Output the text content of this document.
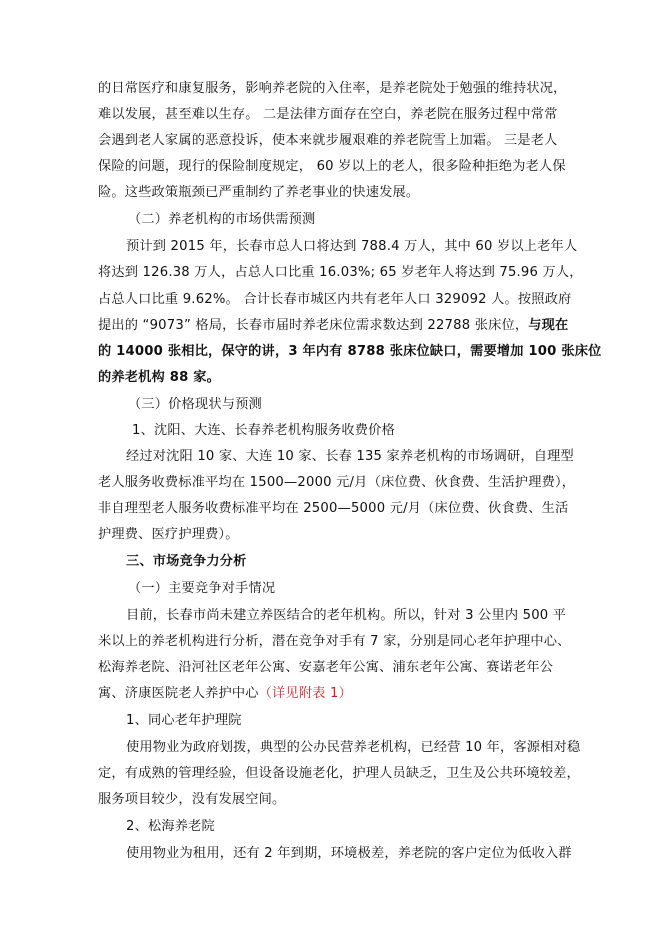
的日常医疗和康复服务，影响养老院的入住率，是养老院处于勉强的维持状况，
难以发展，甚至难以生存。 二是法律方面存在空白，养老院在服务过程中常常
会遇到老人家属的恶意投诉，使本来就步履艰难的养老院雪上加霜。 三是老人
保险的问题，现行的保险制度规定， 60 岁以上的老人，很多险种拒绝为老人保
险。这些政策瓶颈已严重制约了养老事业的快速发展。
（二）养老机构的市场供需预测
预计到 2015 年，长春市总人口将达到 788.4 万人，其中 60 岁以上老年人
将达到 126.38 万人，占总人口比重 16.03%; 65 岁老年人将达到 75.96 万人，
占总人口比重 9.62%。 合计长春市城区内共有老年人口 329092 人。按照政府
提出的 “9073” 格局，长春市届时养老床位需求数达到 22788 张床位，与现在
的 14000 张相比，保守的讲，3 年内有 8788 张床位缺口，需要增加 100 张床位
的养老机构 88 家。
（三）价格现状与预测
1、沈阳、大连、长春养老机构服务收费价格
经过对沈阳 10 家、大连 10 家、长春 135 家养老机构的市场调研，自理型
老人服务收费标准平均在 1500—2000 元/月（床位费、伙食费、生活护理费），
非自理型老人服务收费标准平均在 2500—5000 元/月（床位费、伙食费、生活
护理费、医疗护理费）。
三、市场竞争力分析
（一）主要竞争对手情况
目前，长春市尚未建立养医结合的老年机构。所以，针对 3 公里内 500 平
米以上的养老机构进行分析，潜在竞争对手有 7 家，分别是同心老年护理中心、
松海养老院、沿河社区老年公寓、安嘉老年公寓、浦东老年公寓、赛诺老年公
寓、济康医院老人养护中心（详见附表 1）
1、同心老年护理院
使用物业为政府划拨，典型的公办民营养老机构，已经营 10 年，客源相对稳
定，有成熟的管理经验，但设备设施老化，护理人员缺乏，卫生及公共环境较差，
服务项目较少，没有发展空间。
2、松海养老院
使用物业为租用，还有 2 年到期，环境极差，养老院的客户定位为低收入群
